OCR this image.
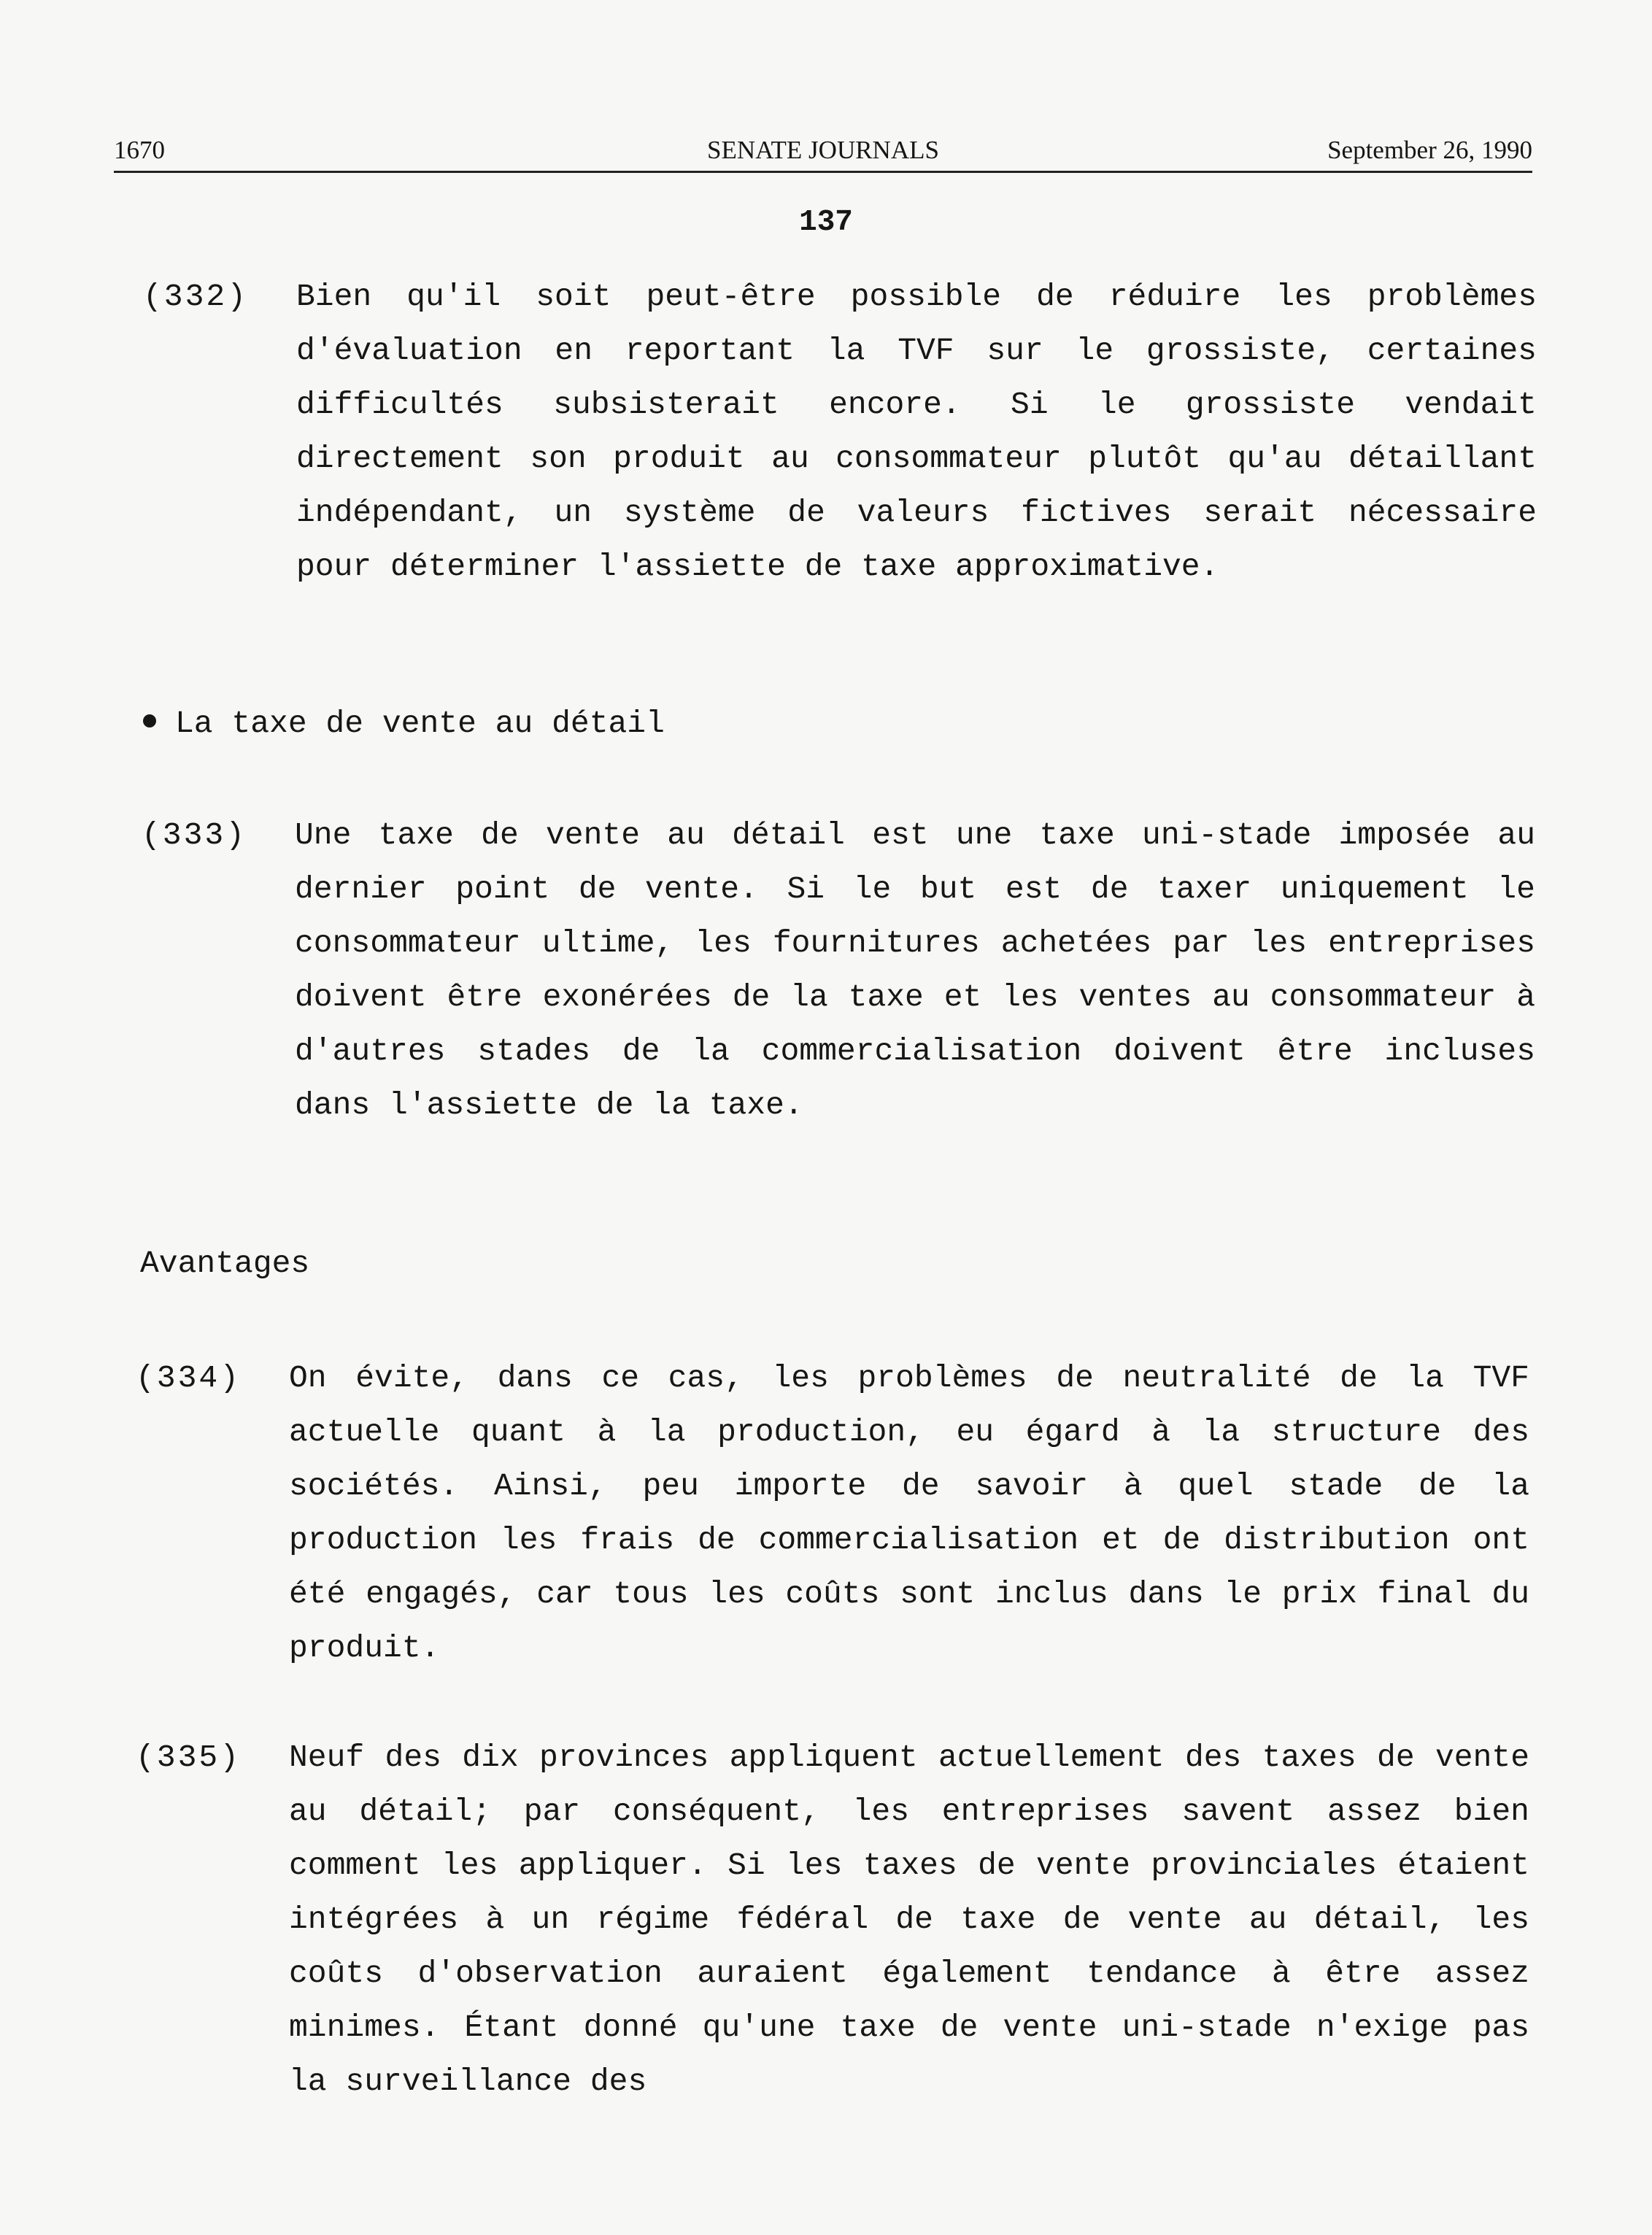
1670	SENATE JOURNALS	September 26, 1990
137
(332) Bien qu'il soit peut-être possible de réduire les problèmes d'évaluation en reportant la TVF sur le grossiste, certaines difficultés subsisterait encore. Si le grossiste vendait directement son produit au consommateur plutôt qu'au détaillant indépendant, un système de valeurs fictives serait nécessaire pour déterminer l'assiette de taxe approximative.
La taxe de vente au détail
(333) Une taxe de vente au détail est une taxe uni-stade imposée au dernier point de vente. Si le but est de taxer uniquement le consommateur ultime, les fournitures achetées par les entreprises doivent être exonérées de la taxe et les ventes au consommateur à d'autres stades de la commercialisation doivent être incluses dans l'assiette de la taxe.
Avantages
(334) On évite, dans ce cas, les problèmes de neutralité de la TVF actuelle quant à la production, eu égard à la structure des sociétés. Ainsi, peu importe de savoir à quel stade de la production les frais de commercialisation et de distribution ont été engagés, car tous les coûts sont inclus dans le prix final du produit.
(335) Neuf des dix provinces appliquent actuellement des taxes de vente au détail; par conséquent, les entreprises savent assez bien comment les appliquer. Si les taxes de vente provinciales étaient intégrées à un régime fédéral de taxe de vente au détail, les coûts d'observation auraient également tendance à être assez minimes. Étant donné qu'une taxe de vente uni-stade n'exige pas la surveillance des
